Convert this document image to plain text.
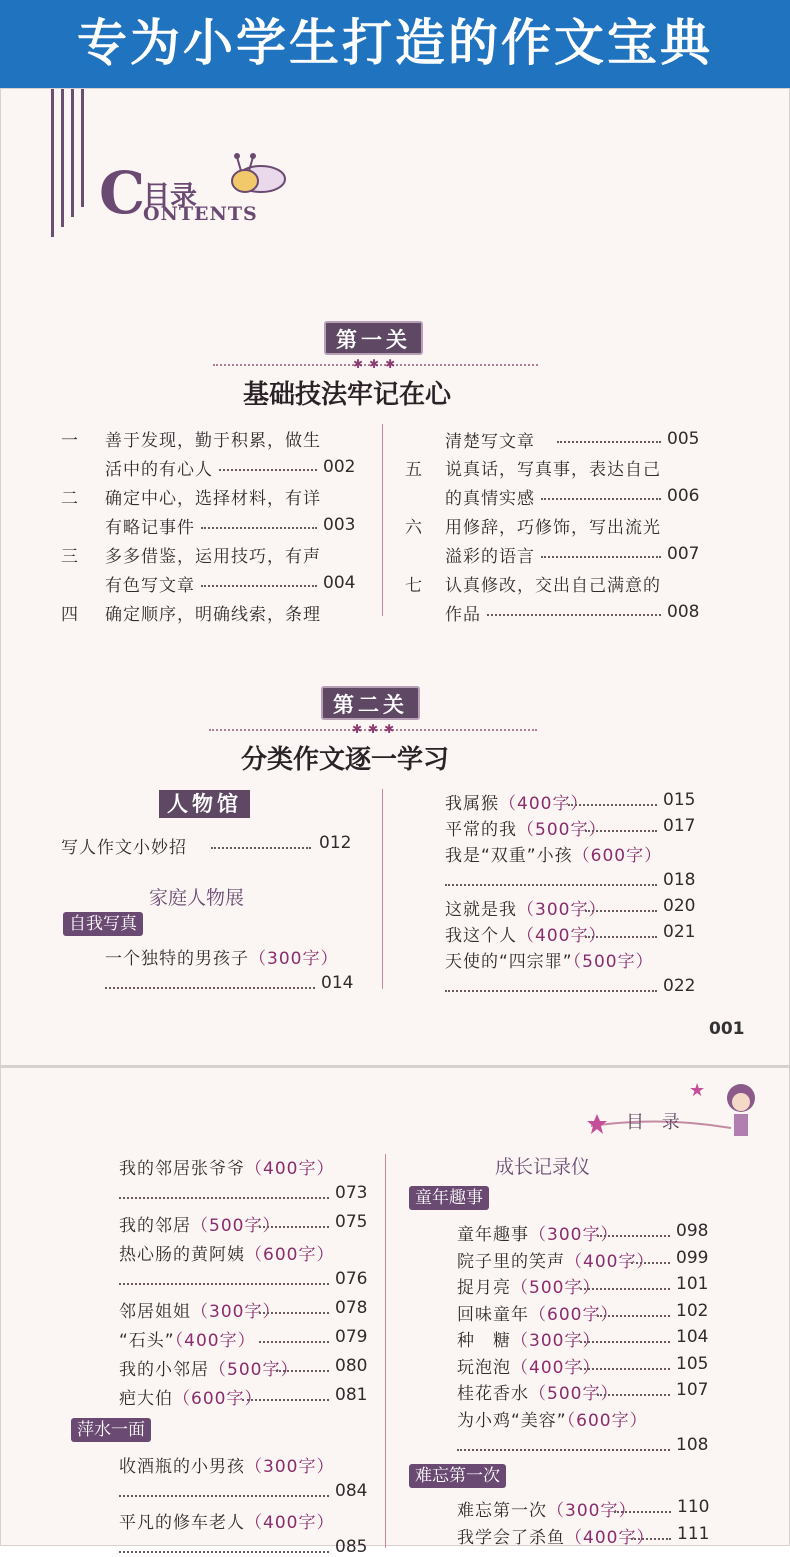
专为小学生打造的作文宝典
C
目录
ONTENTS
第一关
✱✱✱
基础技法牢记在心
一 善于发现，勤于积累，做生
活中的有心人	002
二 确定中心，选择材料，有详
有略记事件	003
三 多多借鉴，运用技巧，有声
有色写文章	004
四 确定顺序，明确线索，条理
清楚写文章	005
五 说真话，写真事，表达自己
的真情实感	006
六 用修辞，巧修饰，写出流光
溢彩的语言	007
七 认真修改，交出自己满意的
作品	008
第二关
✱✱✱
分类作文逐一学习
人物馆
写人作文小妙招	012
家庭人物展
自我写真
一个独特的男孩子（300字）
014
我属猴（400字）	015
平常的我（500字）	017
我是“双重”小孩（600字）
018
这就是我（300字）	020
我这个人（400字）	021
天使的“四宗罪”（500字）
022
001
★
目 录
我的邻居张爷爷（400字）
073
我的邻居（500字）	075
热心肠的黄阿姨（600字）
076
邻居姐姐（300字）	078
“石头”（400字）	079
我的小邻居（500字） 080
疤大伯（600字）	081
萍水一面
收酒瓶的小男孩（300字）
084
平凡的修车老人（400字）
085
成长记录仪
童年趣事
童年趣事（300字）	098
院子里的笑声（400字） 099
捉月亮（500字）	101
回味童年（600字）	102
种　糖（300字）	104
玩泡泡（400字）	105
桂花香水（500字）	107
为小鸡“美容”（600字）
108
难忘第一次
难忘第一次（300字） 110
我学会了杀鱼（400字） 111
